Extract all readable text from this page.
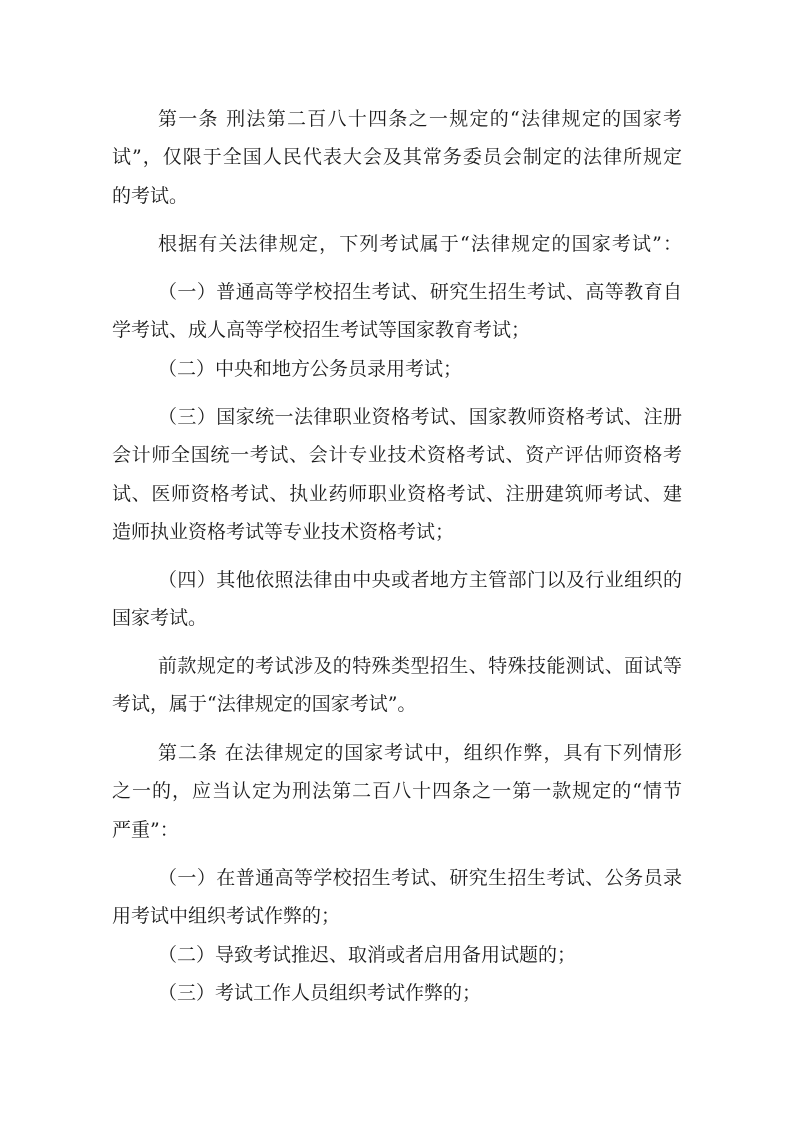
第一条 刑法第二百八十四条之一规定的“法律规定的国家考
试”，仅限于全国人民代表大会及其常务委员会制定的法律所规定
的考试。
根据有关法律规定，下列考试属于“法律规定的国家考试”：
（一）普通高等学校招生考试、研究生招生考试、高等教育自
学考试、成人高等学校招生考试等国家教育考试；
（二）中央和地方公务员录用考试；
（三）国家统一法律职业资格考试、国家教师资格考试、注册
会计师全国统一考试、会计专业技术资格考试、资产评估师资格考
试、医师资格考试、执业药师职业资格考试、注册建筑师考试、建
造师执业资格考试等专业技术资格考试；
（四）其他依照法律由中央或者地方主管部门以及行业组织的
国家考试。
前款规定的考试涉及的特殊类型招生、特殊技能测试、面试等
考试，属于“法律规定的国家考试”。
第二条 在法律规定的国家考试中，组织作弊，具有下列情形
之一的，应当认定为刑法第二百八十四条之一第一款规定的“情节
严重”：
（一）在普通高等学校招生考试、研究生招生考试、公务员录
用考试中组织考试作弊的；
（二）导致考试推迟、取消或者启用备用试题的；
（三）考试工作人员组织考试作弊的；
